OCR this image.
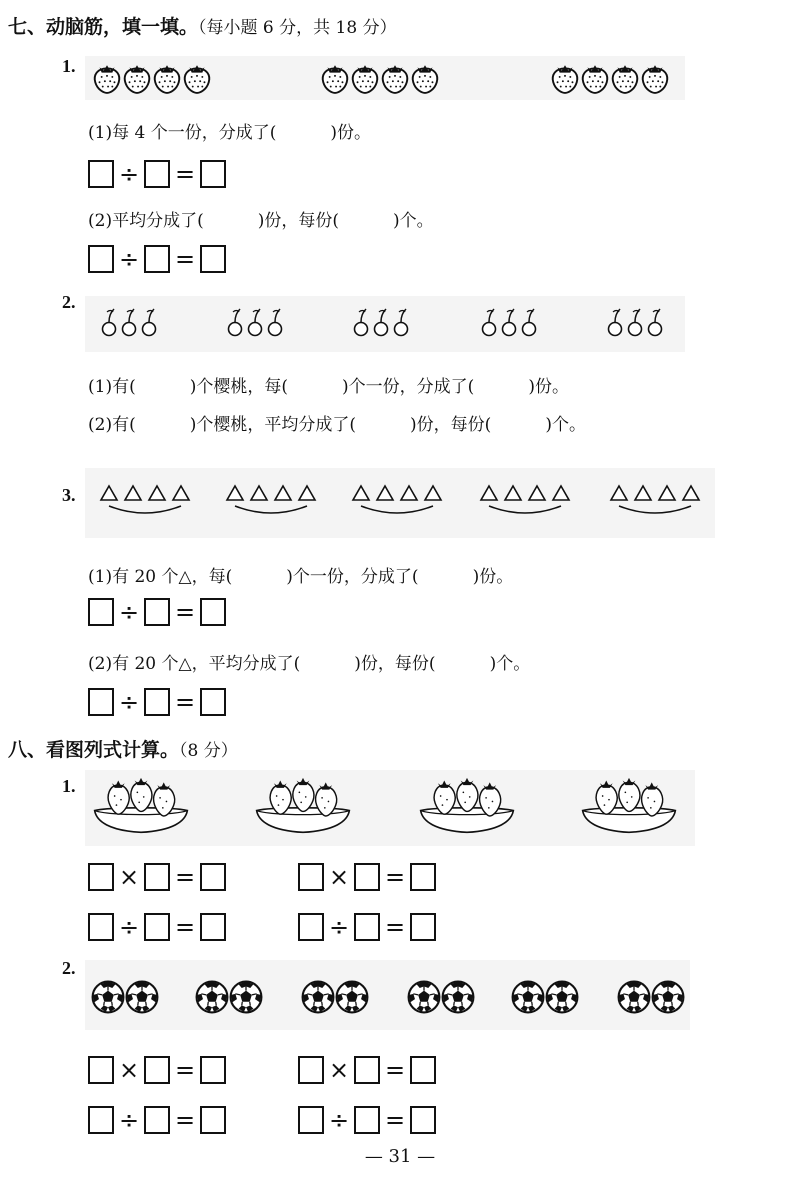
七、动脑筋，填一填。（每小题 6 分，共 18 分）
1.
(1)每 4 个一份，分成了(          )份。
÷ =
(2)平均分成了(          )份，每份(          )个。
÷ =
2.
(1)有(          )个樱桃，每(          )个一份，分成了(          )份。
(2)有(          )个樱桃，平均分成了(          )份，每份(          )个。
3.
(1)有 20 个△，每(          )个一份，分成了(          )份。
÷ =
(2)有 20 个△，平均分成了(          )份，每份(          )个。
÷ =
八、看图列式计算。（8 分）
1.
× =	× =
÷ =	÷ =
2.
× =	× =
÷ =	÷ =
— 31 —
